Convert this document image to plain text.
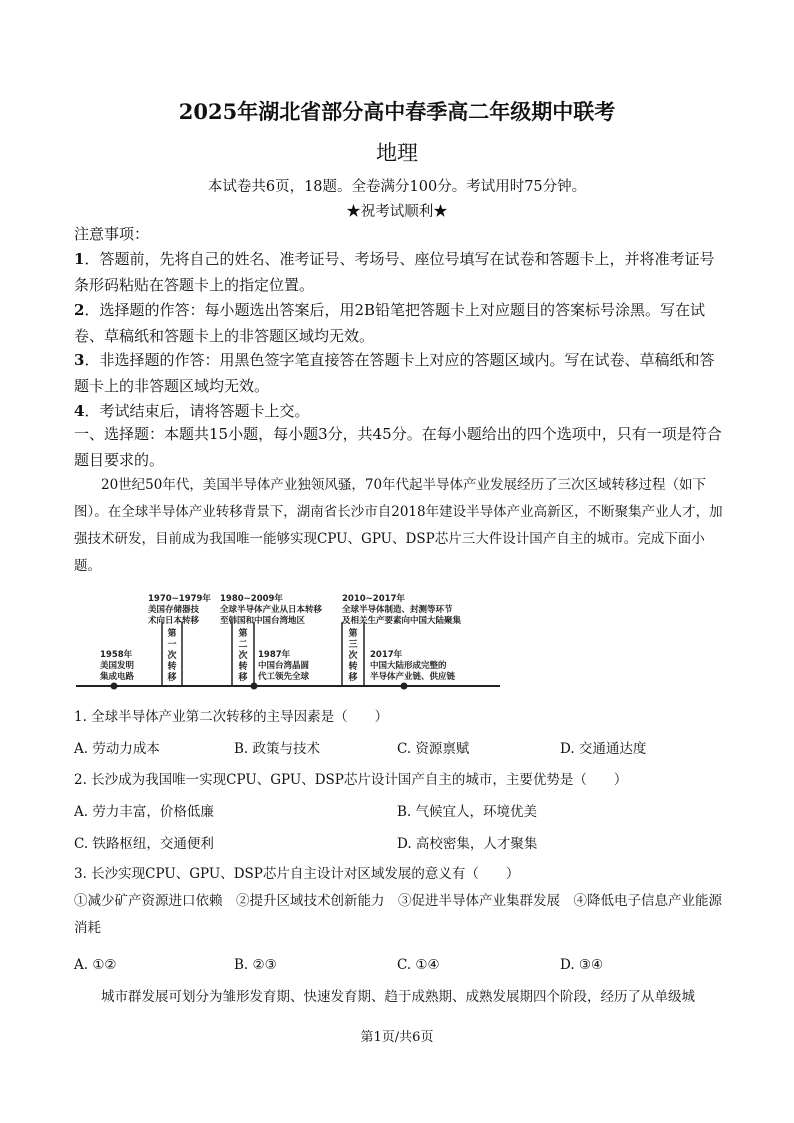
2025年湖北省部分高中春季高二年级期中联考
地理
本试卷共6页，18题。全卷满分100分。考试用时75分钟。
★祝考试顺利★
注意事项：
1．答题前，先将自己的姓名、准考证号、考场号、座位号填写在试卷和答题卡上，并将准考证号条形码粘贴在答题卡上的指定位置。
2．选择题的作答：每小题选出答案后，用2B铅笔把答题卡上对应题目的答案标号涂黑。写在试卷、草稿纸和答题卡上的非答题区域均无效。
3．非选择题的作答：用黑色签字笔直接答在答题卡上对应的答题区域内。写在试卷、草稿纸和答题卡上的非答题区域均无效。
4．考试结束后，请将答题卡上交。
一、选择题：本题共15小题，每小题3分，共45分。在每小题给出的四个选项中，只有一项是符合题目要求的。
20世纪50年代，美国半导体产业独领风骚，70年代起半导体产业发展经历了三次区域转移过程（如下图）。在全球半导体产业转移背景下，湖南省长沙市自2018年建设半导体产业高新区，不断聚集产业人才，加强技术研发，目前成为我国唯一能够实现CPU、GPU、DSP芯片三大件设计国产自主的城市。完成下面小题。
1970~1979年
美国存储器技
术向日本转移
1980~2009年
全球半导体产业从日本转移
至韩国和中国台湾地区
2010~2017年
全球半导体制造、封测等环节
及相关生产要素向中国大陆聚集
1958年
美国发明
集成电路
1987年
中国台湾晶圆
代工领先全球
2017年
中国大陆形成完整的
半导体产业链、供应链
第一次转移
第二次转移
第三次转移
1. 全球半导体产业第二次转移的主导因素是（　　）
A. 劳动力成本	B. 政策与技术	C. 资源禀赋	D. 交通通达度
2. 长沙成为我国唯一实现CPU、GPU、DSP芯片设计国产自主的城市，主要优势是（　　）
A. 劳力丰富，价格低廉	B. 气候宜人，环境优美
C. 铁路枢纽，交通便利	D. 高校密集，人才聚集
3. 长沙实现CPU、GPU、DSP芯片自主设计对区域发展的意义有（　　）
①减少矿产资源进口依赖　②提升区域技术创新能力　③促进半导体产业集群发展　④降低电子信息产业能源消耗
A. ①②	B. ②③	C. ①④	D. ③④
城市群发展可划分为雏形发育期、快速发育期、趋于成熟期、成熟发展期四个阶段，经历了从单级城
第1页/共6页
